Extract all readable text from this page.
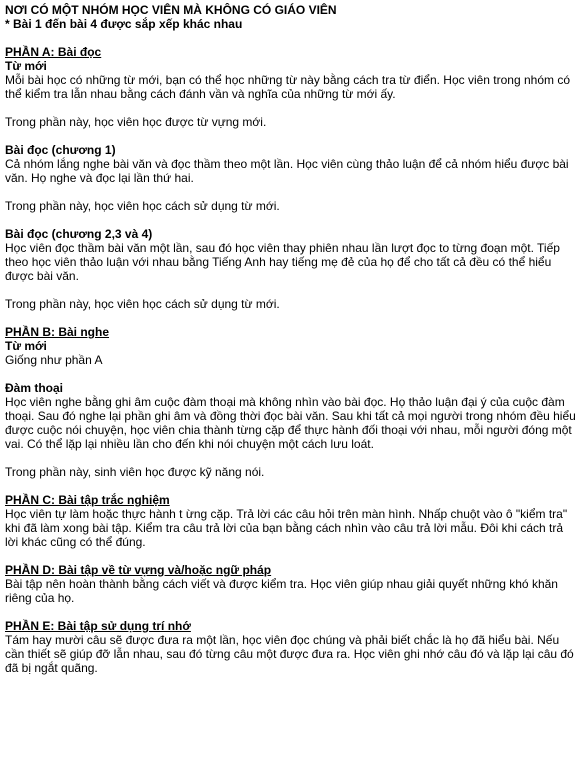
NƠI CÓ MỘT NHÓM HỌC VIÊN MÀ KHÔNG CÓ GIÁO VIÊN

* Bài 1 đến bài 4 được sắp xếp khác nhau

PHẦN A: Bài đọc

Từ mới

Mỗi bài học có những từ mới, bạn có thể học những từ này bằng cách tra từ điển. Học viên trong nhóm có thể kiểm tra lẫn nhau bằng cách đánh vần và nghĩa của những từ mới ấy.

Trong phần này, học viên học được từ vựng mới.

Bài đọc (chương 1)

Cả nhóm lắng nghe bài văn và đọc thầm theo một lần. Học viên cùng thảo luận để cả nhóm hiểu được bài văn. Họ nghe và đọc lại lần thứ hai.

Trong phần này, học viên học cách sử dụng từ mới.

Bài đọc (chương 2,3 và 4)

Học viên đọc thầm bài văn một lần, sau đó học viên thay phiên nhau lần lượt đọc to từng đoạn một. Tiếp theo học viên thảo luận với nhau bằng Tiếng Anh hay tiếng mẹ đẻ của họ để cho tất cả đều có thể hiểu được bài văn.

Trong phần này, học viên học cách sử dụng từ mới.

PHẦN B: Bài nghe

Từ mới

Giống như phần A

Đàm thoại

Học viên nghe bằng ghi âm cuộc đàm thoại mà không nhìn vào bài đọc. Họ thảo luận đại ý của cuộc đàm thoại. Sau đó nghe lại phần ghi âm và đồng thời đọc bài văn. Sau khi tất cả mọi người trong nhóm đều hiểu được cuộc nói chuyện, học viên chia thành từng cặp để thực hành đối thoại với nhau, mỗi người đóng một vai. Có thể lặp lại nhiều lần cho đến khi nói chuyện một cách lưu loát.

Trong phần này, sinh viên học được kỹ năng nói.

PHẦN C: Bài tập trắc nghiệm

Học viên tự làm hoặc thực hành t ừng cặp. Trả lời các câu hỏi trên màn hình. Nhấp chuột vào ô "kiểm tra" khi đã làm xong bài tập. Kiểm tra câu trả lời của bạn bằng cách nhìn vào câu trả lời mẫu. Đôi khi cách trả lời khác cũng có thể đúng.

PHẦN D: Bài tập về từ vựng và/hoặc ngữ pháp

Bài tập nên hoàn thành bằng cách viết và được kiểm tra. Học viên giúp nhau giải quyết những khó khăn riêng của họ.

PHẦN E: Bài tập sử dụng trí nhớ

Tám hay mười câu sẽ được đưa ra một lần, học viên đọc chúng và phải biết chắc là họ đã hiểu bài. Nếu cần thiết sẽ giúp đỡ lẫn nhau, sau đó từng câu một được đưa ra. Học viên ghi nhớ câu đó và lặp lại câu đó đã bị ngắt quãng.
